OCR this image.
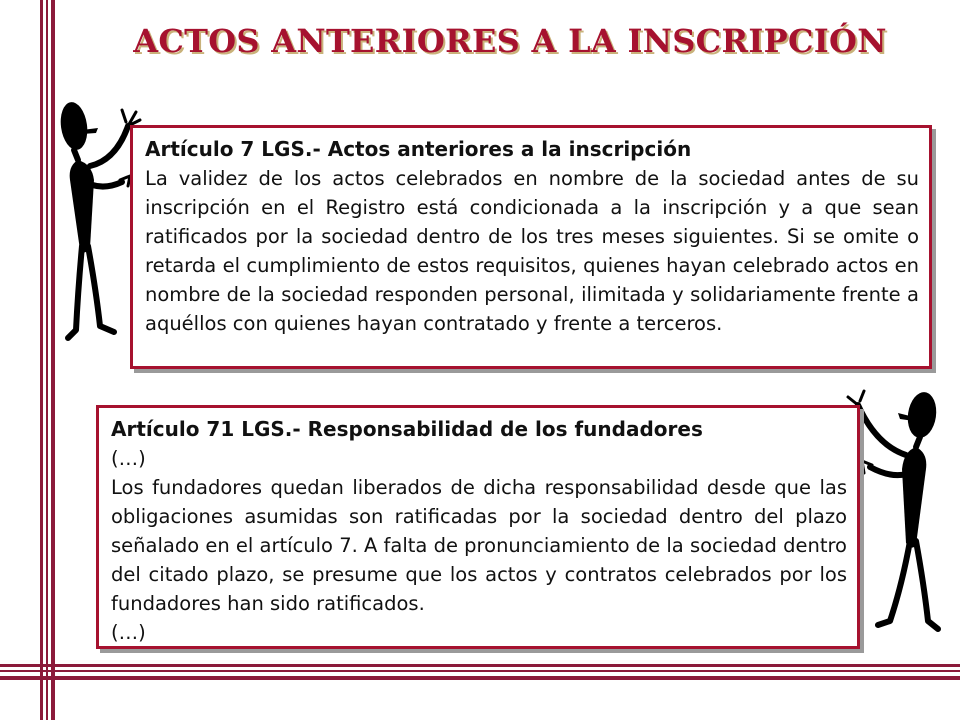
ACTOS ANTERIORES A LA INSCRIPCIÓN
Artículo 7 LGS.- Actos anteriores a la inscripción

La validez de los actos celebrados en nombre de la sociedad antes de su inscripción en el Registro está condicionada a la inscripción y a que sean ratificados por la sociedad dentro de los tres meses siguientes. Si se omite o retarda el cumplimiento de estos requisitos, quienes hayan celebrado actos en nombre de la sociedad responden personal, ilimitada y solidariamente frente a aquéllos con quienes hayan contratado y frente a terceros.

Artículo 71 LGS.- Responsabilidad de los fundadores

(…)

Los fundadores quedan liberados de dicha responsabilidad desde que las obligaciones asumidas son ratificadas por la sociedad dentro del plazo señalado en el artículo 7. A falta de pronunciamiento de la sociedad dentro del citado plazo, se presume que los actos y contratos celebrados por los fundadores han sido ratificados.

(…)
